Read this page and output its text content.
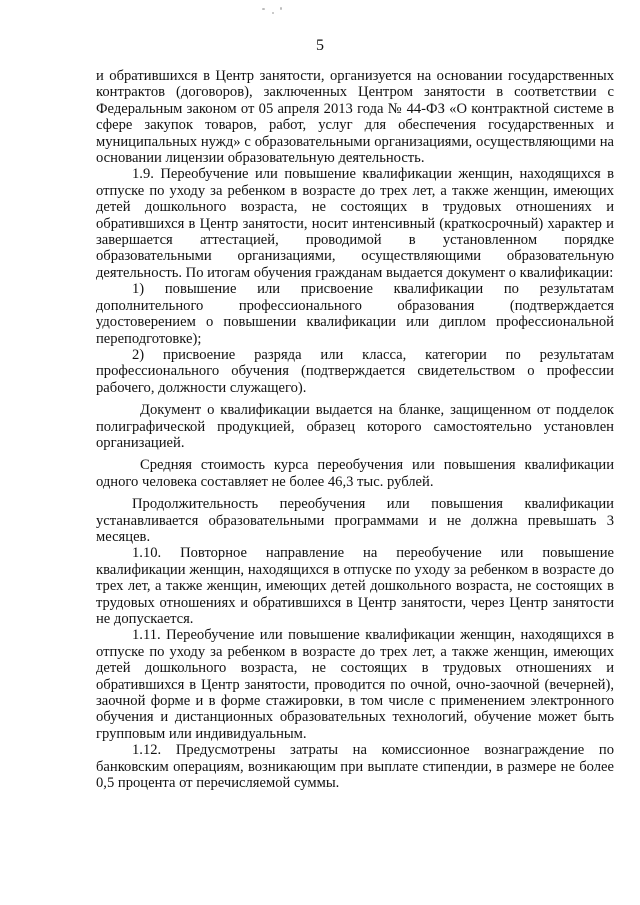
5

и обратившихся в Центр занятости, организуется на основании государственных контрактов (договоров), заключенных Центром занятости в соответствии с Федеральным законом от 05 апреля 2013 года № 44-ФЗ «О контрактной системе в сфере закупок товаров, работ, услуг для обеспечения государственных и муниципальных нужд» с образовательными организациями, осуществляющими на основании лицензии образовательную деятельность.

1.9. Переобучение или повышение квалификации женщин, находящихся в отпуске по уходу за ребенком в возрасте до трех лет, а также женщин, имеющих детей дошкольного возраста, не состоящих в трудовых отношениях и обратившихся в Центр занятости, носит интенсивный (краткосрочный) характер и завершается аттестацией, проводимой в установленном порядке образовательными организациями, осуществляющими образовательную деятельность. По итогам обучения гражданам выдается документ о квалификации:

1) повышение или присвоение квалификации по результатам дополнительного профессионального образования (подтверждается удостоверением о повышении квалификации или диплом профессиональной переподготовке);

2) присвоение разряда или класса, категории по результатам профессионального обучения (подтверждается свидетельством о профессии рабочего, должности служащего).

Документ о квалификации выдается на бланке, защищенном от подделок полиграфической продукцией, образец которого самостоятельно установлен организацией.

Средняя стоимость курса переобучения или повышения квалификации одного человека составляет не более 46,3 тыс. рублей.

Продолжительность переобучения или повышения квалификации устанавливается образовательными программами и не должна превышать 3 месяцев.

1.10. Повторное направление на переобучение или повышение квалификации женщин, находящихся в отпуске по уходу за ребенком в возрасте до трех лет, а также женщин, имеющих детей дошкольного возраста, не состоящих в трудовых отношениях и обратившихся в Центр занятости, через Центр занятости не допускается.

1.11. Переобучение или повышение квалификации женщин, находящихся в отпуске по уходу за ребенком в возрасте до трех лет, а также женщин, имеющих детей дошкольного возраста, не состоящих в трудовых отношениях и обратившихся в Центр занятости, проводится по очной, очно-заочной (вечерней), заочной форме и в форме стажировки, в том числе с применением электронного обучения и дистанционных образовательных технологий, обучение может быть групповым или индивидуальным.

1.12. Предусмотрены затраты на комиссионное вознаграждение по банковским операциям, возникающим при выплате стипендии, в размере не более 0,5 процента от перечисляемой суммы.
